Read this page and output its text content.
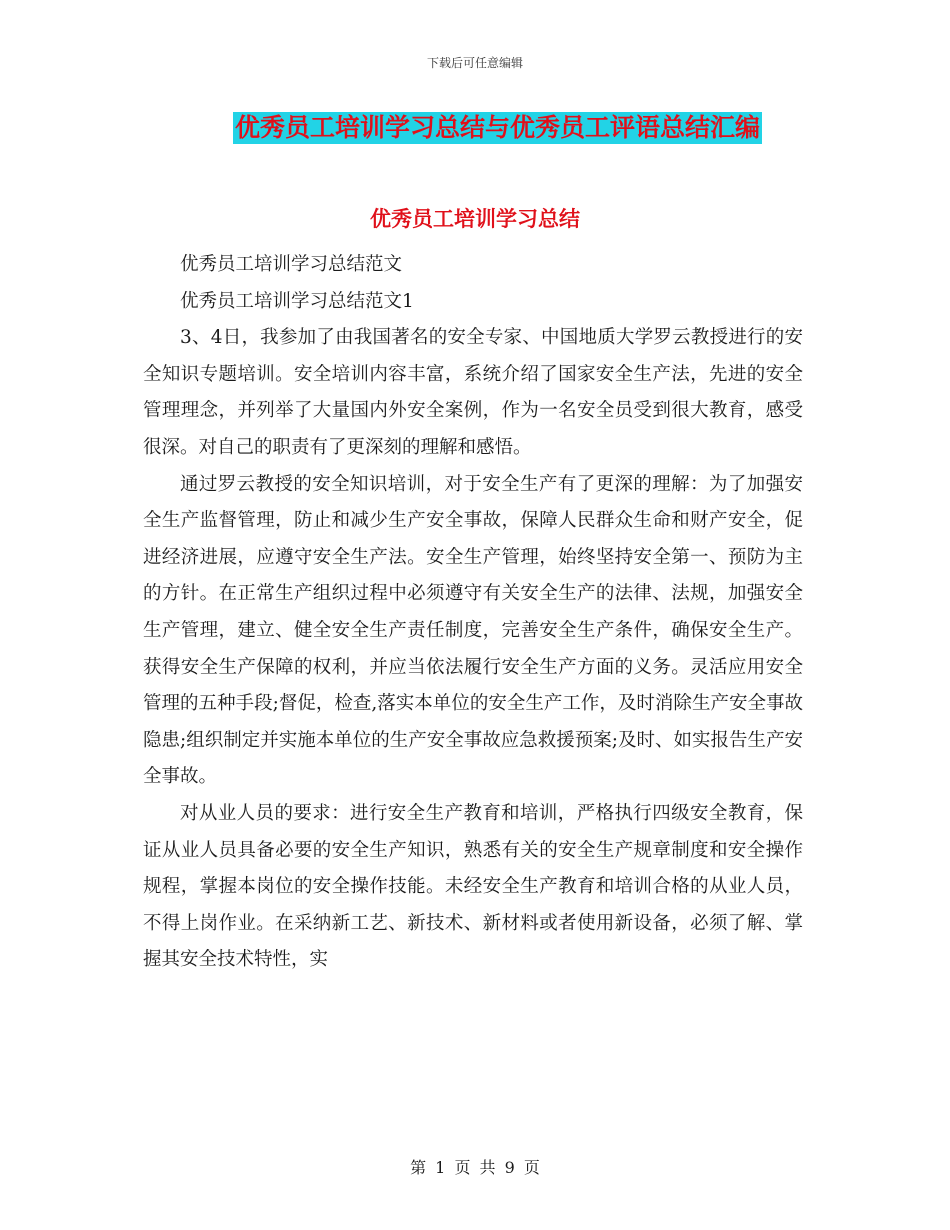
下载后可任意编辑
优秀员工培训学习总结与优秀员工评语总结汇编
优秀员工培训学习总结

优秀员工培训学习总结范文

优秀员工培训学习总结范文1

3、4日，我参加了由我国著名的安全专家、中国地质大学罗云教授进行的安全知识专题培训。安全培训内容丰富，系统介绍了国家安全生产法，先进的安全管理理念，并列举了大量国内外安全案例，作为一名安全员受到很大教育，感受很深。对自己的职责有了更深刻的理解和感悟。

通过罗云教授的安全知识培训，对于安全生产有了更深的理解：为了加强安全生产监督管理，防止和减少生产安全事故，保障人民群众生命和财产安全，促进经济进展，应遵守安全生产法。安全生产管理，始终坚持安全第一、预防为主的方针。在正常生产组织过程中必须遵守有关安全生产的法律、法规，加强安全生产管理，建立、健全安全生产责任制度，完善安全生产条件，确保安全生产。获得安全生产保障的权利，并应当依法履行安全生产方面的义务。灵活应用安全管理的五种手段;督促，检查,落实本单位的安全生产工作，及时消除生产安全事故隐患;组织制定并实施本单位的生产安全事故应急救援预案;及时、如实报告生产安全事故。

对从业人员的要求：进行安全生产教育和培训，严格执行四级安全教育，保证从业人员具备必要的安全生产知识，熟悉有关的安全生产规章制度和安全操作规程，掌握本岗位的安全操作技能。未经安全生产教育和培训合格的从业人员，不得上岗作业。在采纳新工艺、新技术、新材料或者使用新设备，必须了解、掌握其安全技术特性，实

第 1 页 共 9 页
